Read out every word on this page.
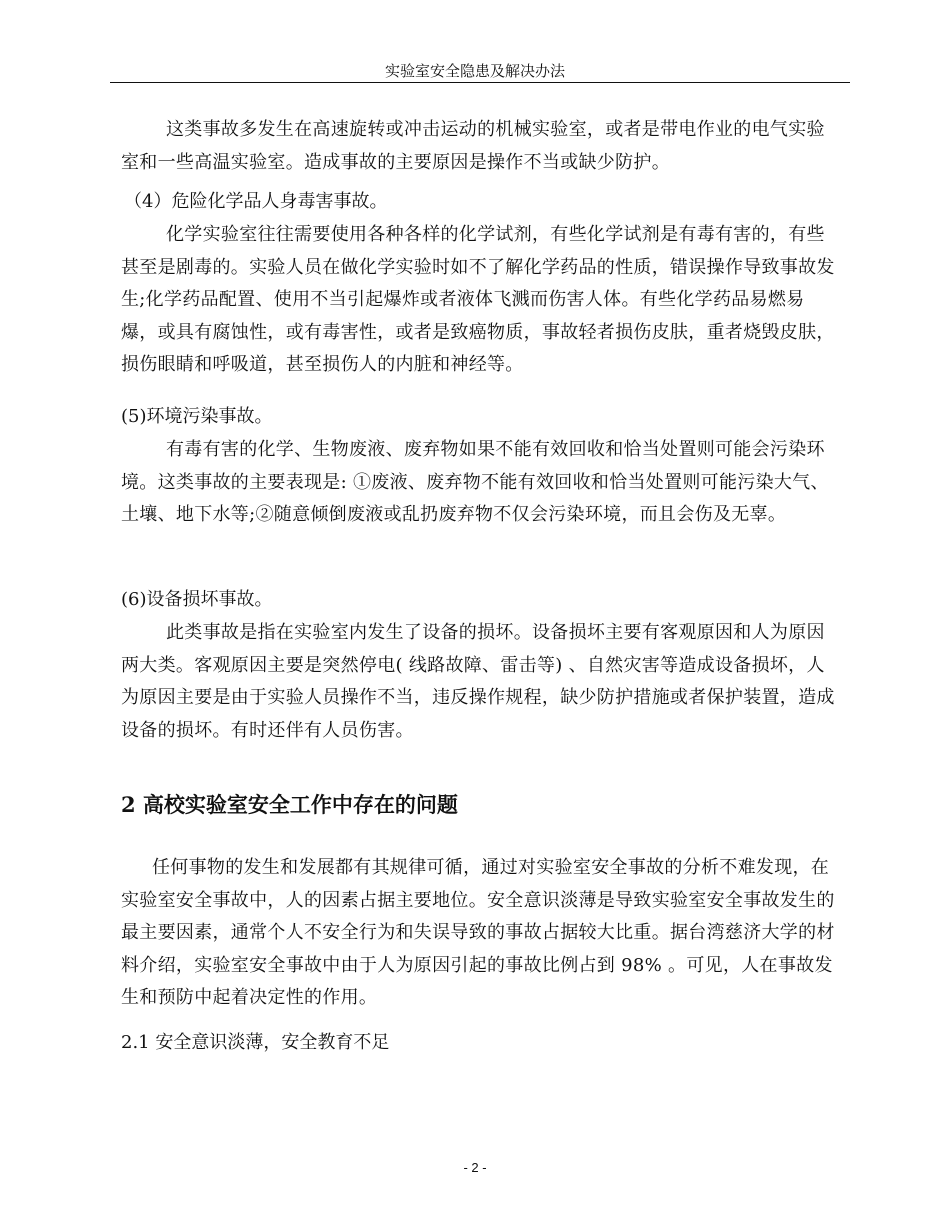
实验室安全隐患及解决办法

这类事故多发生在高速旋转或冲击运动的机械实验室，或者是带电作业的电气实验室和一些高温实验室。造成事故的主要原因是操作不当或缺少防护。

（4）危险化学品人身毒害事故。

化学实验室往往需要使用各种各样的化学试剂，有些化学试剂是有毒有害的，有些甚至是剧毒的。实验人员在做化学实验时如不了解化学药品的性质，错误操作导致事故发生;化学药品配置、使用不当引起爆炸或者液体飞溅而伤害人体。有些化学药品易燃易爆，或具有腐蚀性，或有毒害性，或者是致癌物质，事故轻者损伤皮肤，重者烧毁皮肤，损伤眼睛和呼吸道，甚至损伤人的内脏和神经等。

(5)环境污染事故。

有毒有害的化学、生物废液、废弃物如果不能有效回收和恰当处置则可能会污染环境。这类事故的主要表现是: ①废液、废弃物不能有效回收和恰当处置则可能污染大气、土壤、地下水等;②随意倾倒废液或乱扔废弃物不仅会污染环境，而且会伤及无辜。

(6)设备损坏事故。

此类事故是指在实验室内发生了设备的损坏。设备损坏主要有客观原因和人为原因两大类。客观原因主要是突然停电( 线路故障、雷击等) 、自然灾害等造成设备损坏，人为原因主要是由于实验人员操作不当，违反操作规程，缺少防护措施或者保护装置，造成设备的损坏。有时还伴有人员伤害。

2 高校实验室安全工作中存在的问题

任何事物的发生和发展都有其规律可循，通过对实验室安全事故的分析不难发现，在实验室安全事故中，人的因素占据主要地位。安全意识淡薄是导致实验室安全事故发生的最主要因素，通常个人不安全行为和失误导致的事故占据较大比重。据台湾慈济大学的材料介绍，实验室安全事故中由于人为原因引起的事故比例占到 98% 。可见，人在事故发生和预防中起着决定性的作用。

2.1 安全意识淡薄，安全教育不足

- 2 -
